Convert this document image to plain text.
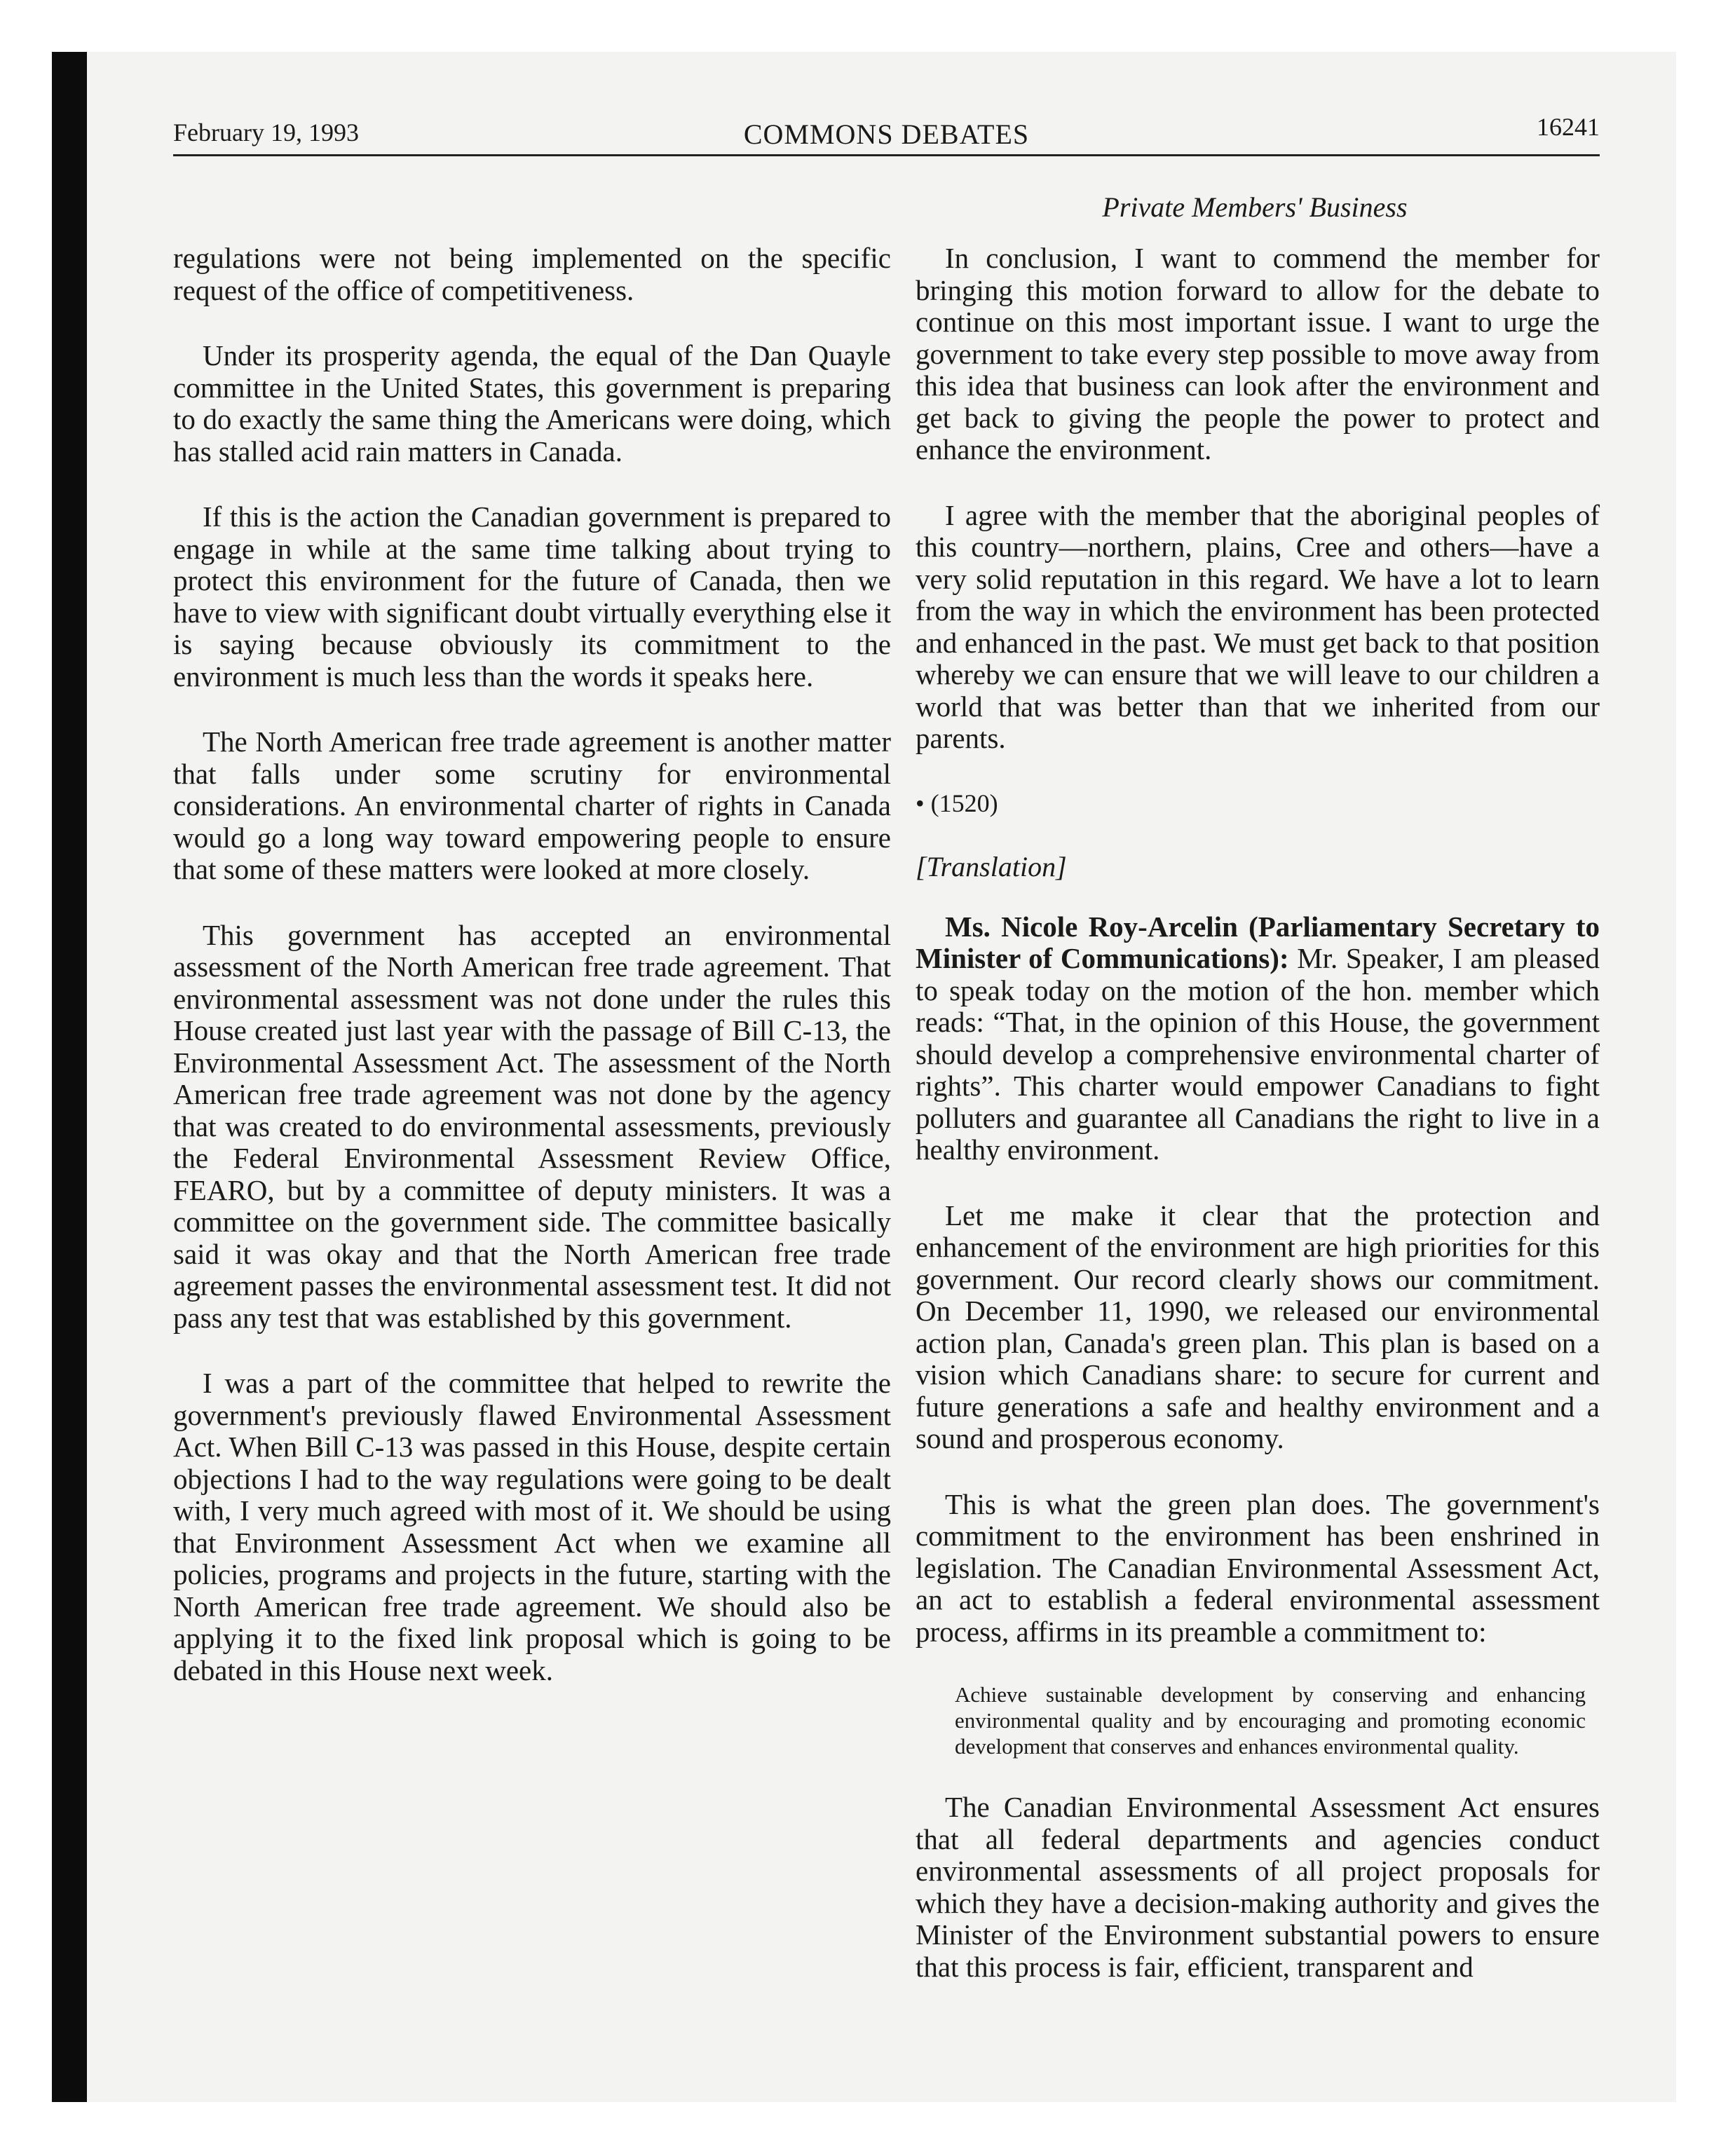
February 19, 1993	COMMONS DEBATES	16241
Private Members' Business

regulations were not being implemented on the specific request of the office of competitiveness.

Under its prosperity agenda, the equal of the Dan Quayle committee in the United States, this government is preparing to do exactly the same thing the Americans were doing, which has stalled acid rain matters in Canada.

If this is the action the Canadian government is prepared to engage in while at the same time talking about trying to protect this environment for the future of Canada, then we have to view with significant doubt virtually everything else it is saying because obviously its commitment to the environment is much less than the words it speaks here.

The North American free trade agreement is another matter that falls under some scrutiny for environmental considerations. An environmental charter of rights in Canada would go a long way toward empowering people to ensure that some of these matters were looked at more closely.

This government has accepted an environmental assessment of the North American free trade agreement. That environmental assessment was not done under the rules this House created just last year with the passage of Bill C-13, the Environmental Assessment Act. The assessment of the North American free trade agreement was not done by the agency that was created to do environmental assessments, previously the Federal Environmental Assessment Review Office, FEARO, but by a committee of deputy ministers. It was a committee on the government side. The committee basically said it was okay and that the North American free trade agreement passes the environmental assessment test. It did not pass any test that was established by this government.

I was a part of the committee that helped to rewrite the government's previously flawed Environmental Assessment Act. When Bill C-13 was passed in this House, despite certain objections I had to the way regulations were going to be dealt with, I very much agreed with most of it. We should be using that Environment Assessment Act when we examine all policies, programs and projects in the future, starting with the North American free trade agreement. We should also be applying it to the fixed link proposal which is going to be debated in this House next week.

In conclusion, I want to commend the member for bringing this motion forward to allow for the debate to continue on this most important issue. I want to urge the government to take every step possible to move away from this idea that business can look after the environment and get back to giving the people the power to protect and enhance the environment.

I agree with the member that the aboriginal peoples of this country—northern, plains, Cree and others—have a very solid reputation in this regard. We have a lot to learn from the way in which the environment has been protected and enhanced in the past. We must get back to that position whereby we can ensure that we will leave to our children a world that was better than that we inherited from our parents.

• (1520)
[Translation]

Ms. Nicole Roy-Arcelin (Parliamentary Secretary to Minister of Communications): Mr. Speaker, I am pleased to speak today on the motion of the hon. member which reads: “That, in the opinion of this House, the government should develop a comprehensive environmental charter of rights”. This charter would empower Canadians to fight polluters and guarantee all Canadians the right to live in a healthy environment.

Let me make it clear that the protection and enhancement of the environment are high priorities for this government. Our record clearly shows our commitment. On December 11, 1990, we released our environmental action plan, Canada's green plan. This plan is based on a vision which Canadians share: to secure for current and future generations a safe and healthy environment and a sound and prosperous economy.

This is what the green plan does. The government's commitment to the environment has been enshrined in legislation. The Canadian Environmental Assessment Act, an act to establish a federal environmental assessment process, affirms in its preamble a commitment to:

Achieve sustainable development by conserving and enhancing environmental quality and by encouraging and promoting economic development that conserves and enhances environmental quality.

The Canadian Environmental Assessment Act ensures that all federal departments and agencies conduct environmental assessments of all project proposals for which they have a decision-making authority and gives the Minister of the Environment substantial powers to ensure that this process is fair, efficient, transparent and
